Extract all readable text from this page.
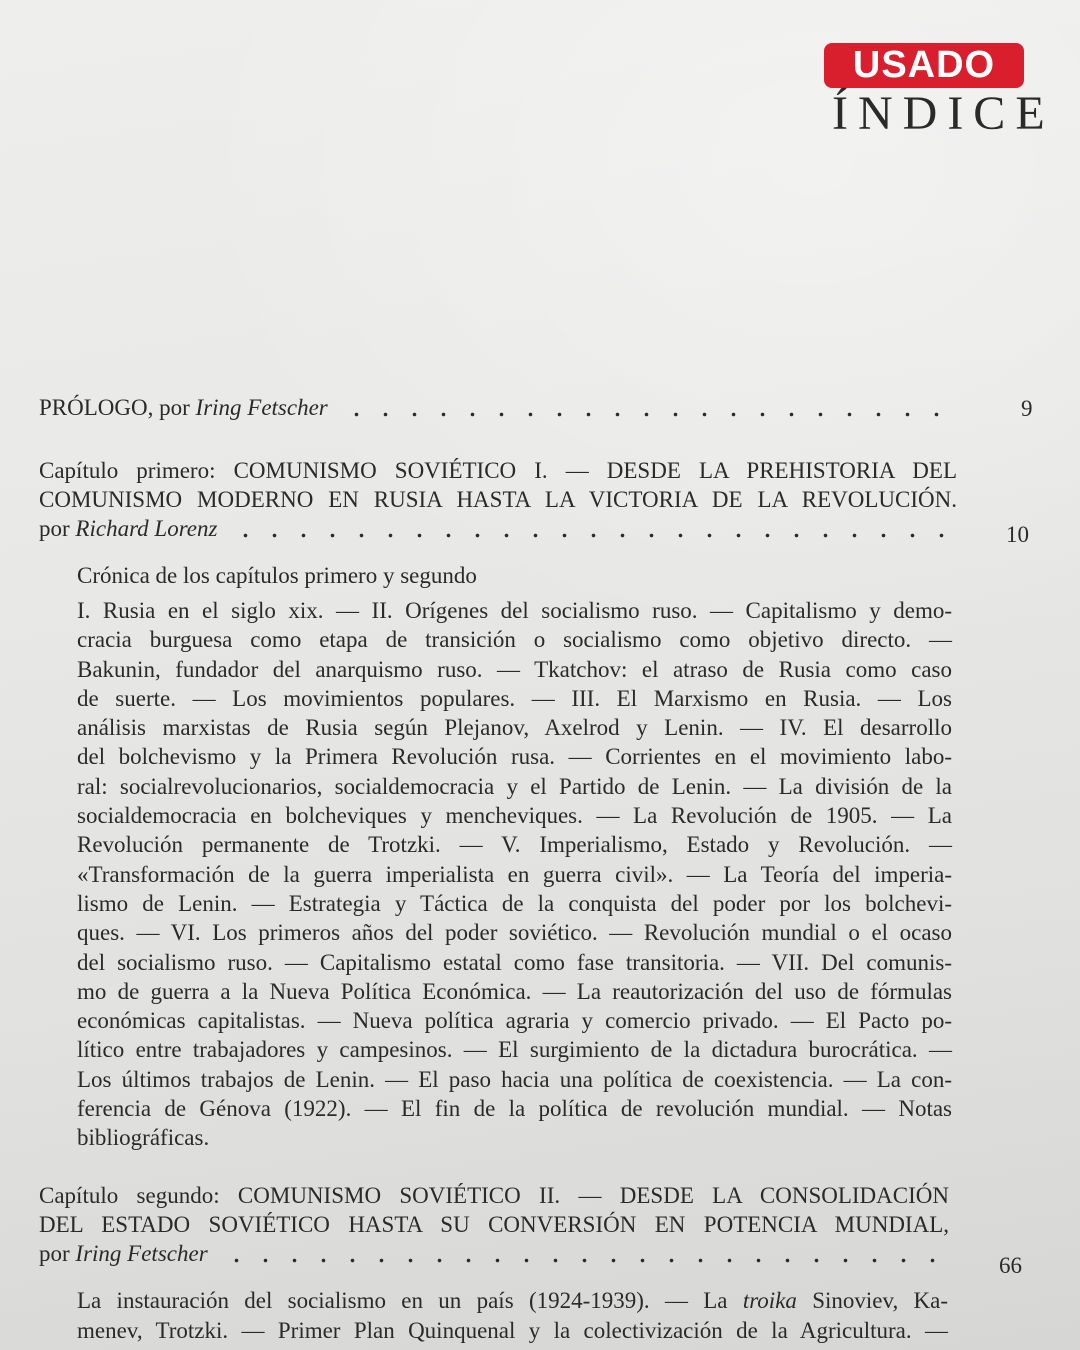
USADO
ÍNDICE
PRÓLOGO, por Iring Fetscher	9
Capítulo primero: COMUNISMO SOVIÉTICO I. — DESDE LA PREHISTORIA DEL
COMUNISMO MODERNO EN RUSIA HASTA LA VICTORIA DE LA REVOLUCIÓN.
por Richard Lorenz	10
Crónica de los capítulos primero y segundo
I. Rusia en el siglo xix. — II. Orígenes del socialismo ruso. — Capitalismo y demo-
cracia burguesa como etapa de transición o socialismo como objetivo directo. —
Bakunin, fundador del anarquismo ruso. — Tkatchov: el atraso de Rusia como caso
de suerte. — Los movimientos populares. — III. El Marxismo en Rusia. — Los
análisis marxistas de Rusia según Plejanov, Axelrod y Lenin. — IV. El desarrollo
del bolchevismo y la Primera Revolución rusa. — Corrientes en el movimiento labo-
ral: socialrevolucionarios, socialdemocracia y el Partido de Lenin. — La división de la
socialdemocracia en bolcheviques y mencheviques. — La Revolución de 1905. — La
Revolución permanente de Trotzki. — V. Imperialismo, Estado y Revolución. —
«Transformación de la guerra imperialista en guerra civil». — La Teoría del imperia-
lismo de Lenin. — Estrategia y Táctica de la conquista del poder por los bolchevi-
ques. — VI. Los primeros años del poder soviético. — Revolución mundial o el ocaso
del socialismo ruso. — Capitalismo estatal como fase transitoria. — VII. Del comunis-
mo de guerra a la Nueva Política Económica. — La reautorización del uso de fórmulas
económicas capitalistas. — Nueva política agraria y comercio privado. — El Pacto po-
lítico entre trabajadores y campesinos. — El surgimiento de la dictadura burocrática. —
Los últimos trabajos de Lenin. — El paso hacia una política de coexistencia. — La con-
ferencia de Génova (1922). — El fin de la política de revolución mundial. — Notas
bibliográficas.
Capítulo segundo: COMUNISMO SOVIÉTICO II. — DESDE LA CONSOLIDACIÓN
DEL ESTADO SOVIÉTICO HASTA SU CONVERSIÓN EN POTENCIA MUNDIAL,
por Iring Fetscher	66
La instauración del socialismo en un país (1924-1939). — La troika Sinoviev, Ka-
menev, Trotzki. — Primer Plan Quinquenal y la colectivización de la Agricultura. —
